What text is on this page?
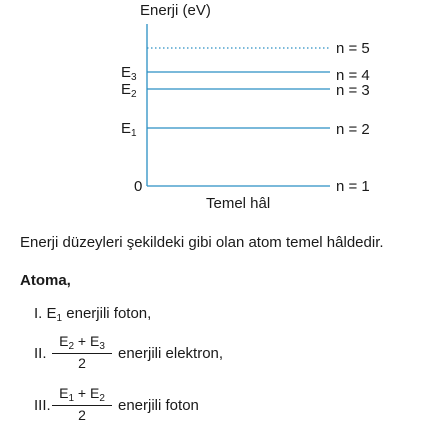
Enerji (eV)
n = 5
$E_3$	n = 4
$E_2$	n = 3
$E_1$	n = 2
0	n = 1
Temel hâl
Enerji düzeyleri şekildeki gibi olan atom temel hâldedir.
Atoma,
I. $E_1$ enerjili foton,
II. $\frac{E_2 + E_3}{2}$ enerjili elektron,
III. $\frac{E_1 + E_2}{2}$ enerjili foton
